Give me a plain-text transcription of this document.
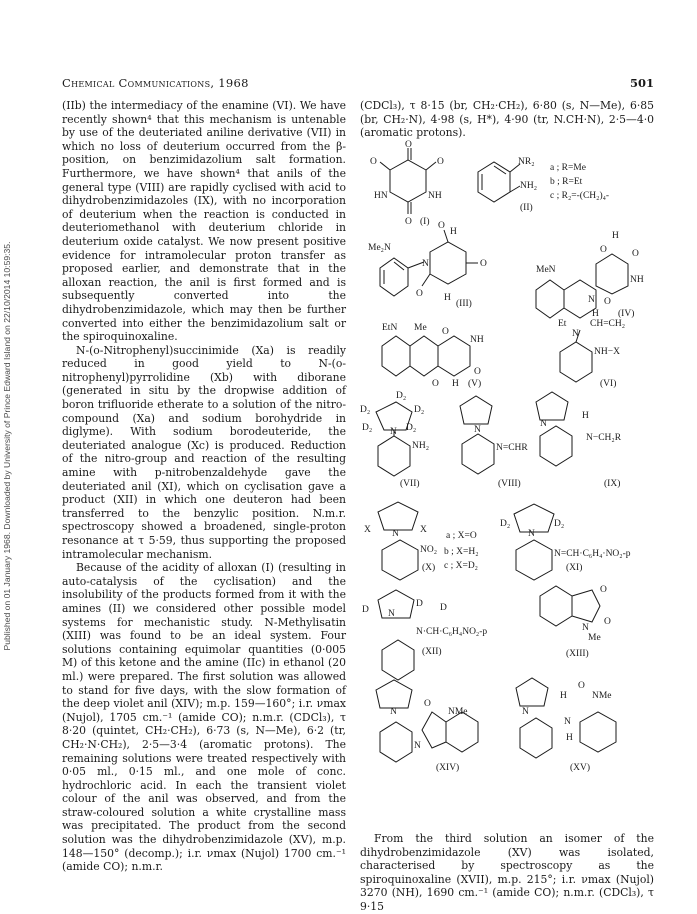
Published on 01 January 1968. Downloaded by University of Prince Edward Island on 22/10/2014 10:59:35.
Chemical Communications, 1968	501

(IIb) the intermediacy of the enamine (VI). We have recently shown⁴ that this mechanism is untenable by use of the deuteriated aniline derivative (VII) in which no loss of deuterium occurred from the β-position, on benzimidazolium salt formation. Furthermore, we have shown⁴ that anils of the general type (VIII) are rapidly cyclised with acid to dihydrobenzimidazoles (IX), with no incorporation of deuterium when the reaction is conducted in deuteriomethanol with deuterium chloride in deuterium oxide catalyst. We now present positive evidence for intramolecular proton transfer as proposed earlier, and demonstrate that in the alloxan reaction, the anil is first formed and is subsequently converted into the dihydrobenzimidazole, which may then be further converted into either the benzimidazolium salt or the spiroquinoxaline.

N-(o-Nitrophenyl)succinimide (Xa) is readily reduced in good yield to N-(o-nitrophenyl)pyrrolidine (Xb) with diborane (generated in situ by the dropwise addition of boron trifluoride etherate to a solution of the nitro-compound (Xa) and sodium borohydride in diglyme). With sodium borodeuteride, the deuteriated analogue (Xc) is produced. Reduction of the nitro-group and reaction of the resulting amine with p-nitrobenzaldehyde gave the deuteriated anil (XI), which on cyclisation gave a product (XII) in which one deuteron had been transferred to the benzylic position. N.m.r. spectroscopy showed a broadened, single-proton resonance at τ 5·59, thus supporting the proposed intramolecular mechanism.

Because of the acidity of alloxan (I) (resulting in auto-catalysis of the cyclisation) and the insolubility of the products formed from it with the amines (II) we considered other possible model systems for mechanistic study. N-Methylisatin (XIII) was found to be an ideal system. Four solutions containing equimolar quantities (0·005 M) of this ketone and the amine (IIc) in ethanol (20 ml.) were prepared. The first solution was allowed to stand for five days, with the slow formation of the deep violet anil (XIV); m.p. 159—160°; i.r. νmax (Nujol), 1705 cm.⁻¹ (amide CO); n.m.r. (CDCl₃), τ 8·20 (quintet, CH₂·CH₂), 6·73 (s, N—Me), 6·2 (tr, CH₂·N·CH₂), 2·5—3·4 (aromatic protons). The remaining solutions were treated respectively with 0·05 ml., 0·15 ml., and one mole of conc. hydrochloric acid. In each the transient violet colour of the anil was observed, and from the straw-coloured solution a white crystalline mass was precipitated. The product from the second solution was the dihydrobenzimidazole (XV), m.p. 148—150° (decomp.); i.r. νmax (Nujol) 1700 cm.⁻¹ (amide CO); n.m.r.

(CDCl₃), τ 8·15 (br, CH₂·CH₂), 6·80 (s, N—Me), 6·85 (br, CH₂·N), 4·98 (s, H*), 4·90 (tr, N.CH·N), 2·5—4·0 (aromatic protons).

O
O	O
HN	NH
O (I)
NR₂
NH₂
(II)
a ; R=Me
b ; R=Et
c ; R₂=-(CH₂)₄-
Me₂N
N
O
H
O
O H
(III)
MeN
O
H
O
NH
N O
H (IV)
EtN Me O
NH
O
O H (V)
Et
N
CH=CH₂
NH−X
(VI)
D₂
D₂	D₂
D₂	D₂
N
NH₂
(VII)
N
N=CHR
(VIII)
N
H
N−CH₂R
(IX)
X N X
NO₂
a ; X=O
b ; X=H₂
c ; X=D₂
(X)
D₂
N
D₂
N=CH·C₆H₄·NO₂-p
(XI)
D N
D D
N·CH·C₆H₄NO₂-p
(XII)
O
N
O
Me
(XIII)
N
O
NMe
N
(XIV)
N
H
O
NMe
N
H
(XV)

From the third solution an isomer of the dihydrobenzimidazole (XV) was isolated, characterised by spectroscopy as the spiroquinoxaline (XVII), m.p. 215°; i.r. νmax (Nujol) 3270 (NH), 1690 cm.⁻¹ (amide CO); n.m.r. (CDCl₃), τ 9·15
